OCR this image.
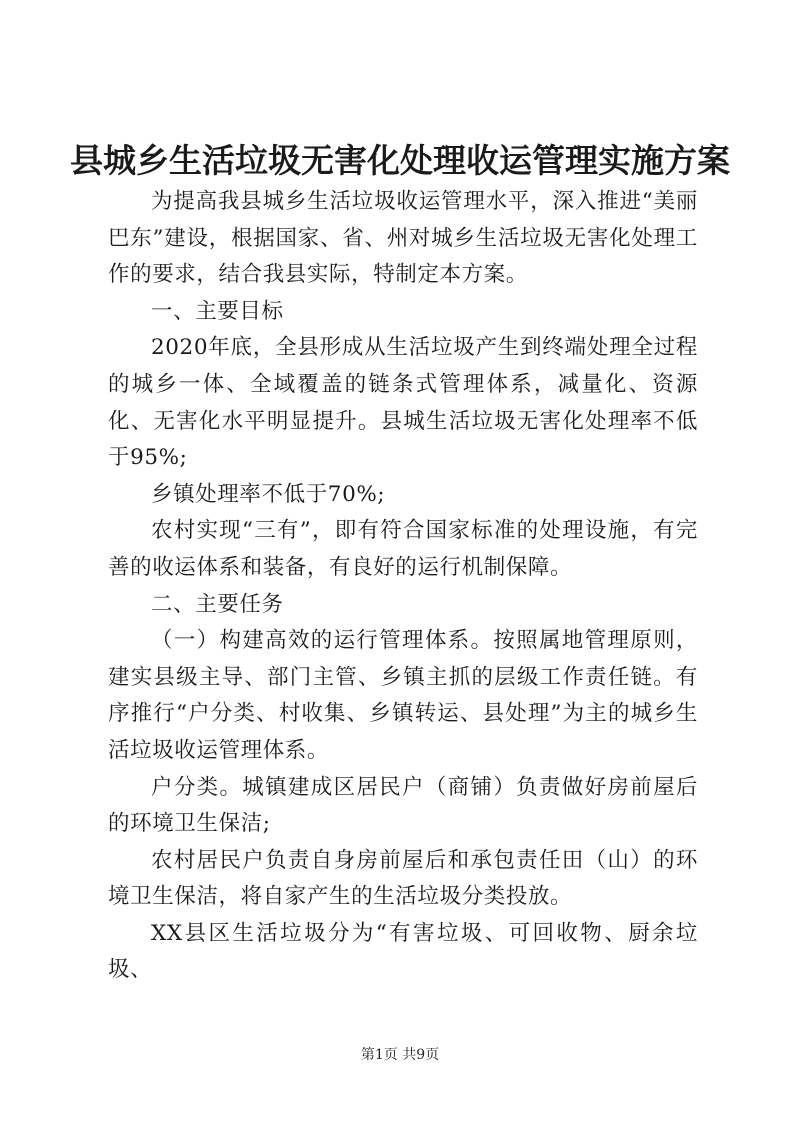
县城乡生活垃圾无害化处理收运管理实施方案

为提高我县城乡生活垃圾收运管理水平，深入推进“美丽巴东”建设，根据国家、省、州对城乡生活垃圾无害化处理工作的要求，结合我县实际，特制定本方案。

一、主要目标

2020年底，全县形成从生活垃圾产生到终端处理全过程的城乡一体、全域覆盖的链条式管理体系，减量化、资源化、无害化水平明显提升。县城生活垃圾无害化处理率不低于95%;

乡镇处理率不低于70%;

农村实现“三有”，即有符合国家标准的处理设施，有完善的收运体系和装备，有良好的运行机制保障。

二、主要任务

（一）构建高效的运行管理体系。按照属地管理原则，建实县级主导、部门主管、乡镇主抓的层级工作责任链。有序推行“户分类、村收集、乡镇转运、县处理”为主的城乡生活垃圾收运管理体系。

户分类。城镇建成区居民户（商铺）负责做好房前屋后的环境卫生保洁;

农村居民户负责自身房前屋后和承包责任田（山）的环境卫生保洁，将自家产生的生活垃圾分类投放。

XX县区生活垃圾分为“有害垃圾、可回收物、厨余垃圾、

第1页 共9页
